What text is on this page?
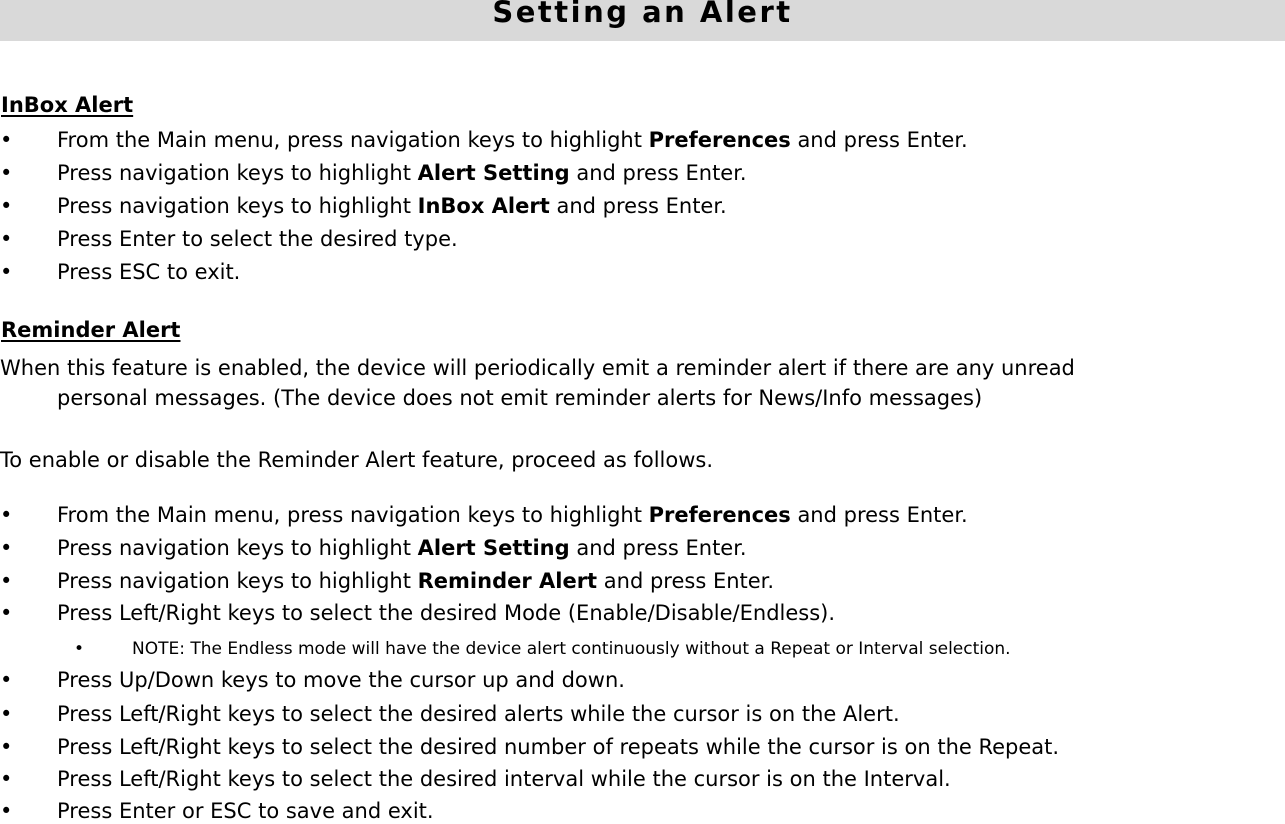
Setting an Alert
InBox Alert
•	From the Main menu, press navigation keys to highlight Preferences and press Enter.
•	Press navigation keys to highlight Alert Setting and press Enter.
•	Press navigation keys to highlight InBox Alert and press Enter.
•	Press Enter to select the desired type.
•	Press ESC to exit.
Reminder Alert
When this feature is enabled, the device will periodically emit a reminder alert if there are any unread
personal messages. (The device does not emit reminder alerts for News/Info messages)
To enable or disable the Reminder Alert feature, proceed as follows.
•	From the Main menu, press navigation keys to highlight Preferences and press Enter.
•	Press navigation keys to highlight Alert Setting and press Enter.
•	Press navigation keys to highlight Reminder Alert and press Enter.
•	Press Left/Right keys to select the desired Mode (Enable/Disable/Endless).
•	NOTE: The Endless mode will have the device alert continuously without a Repeat or Interval selection.
•	Press Up/Down keys to move the cursor up and down.
•	Press Left/Right keys to select the desired alerts while the cursor is on the Alert.
•	Press Left/Right keys to select the desired number of repeats while the cursor is on the Repeat.
•	Press Left/Right keys to select the desired interval while the cursor is on the Interval.
•	Press Enter or ESC to save and exit.
